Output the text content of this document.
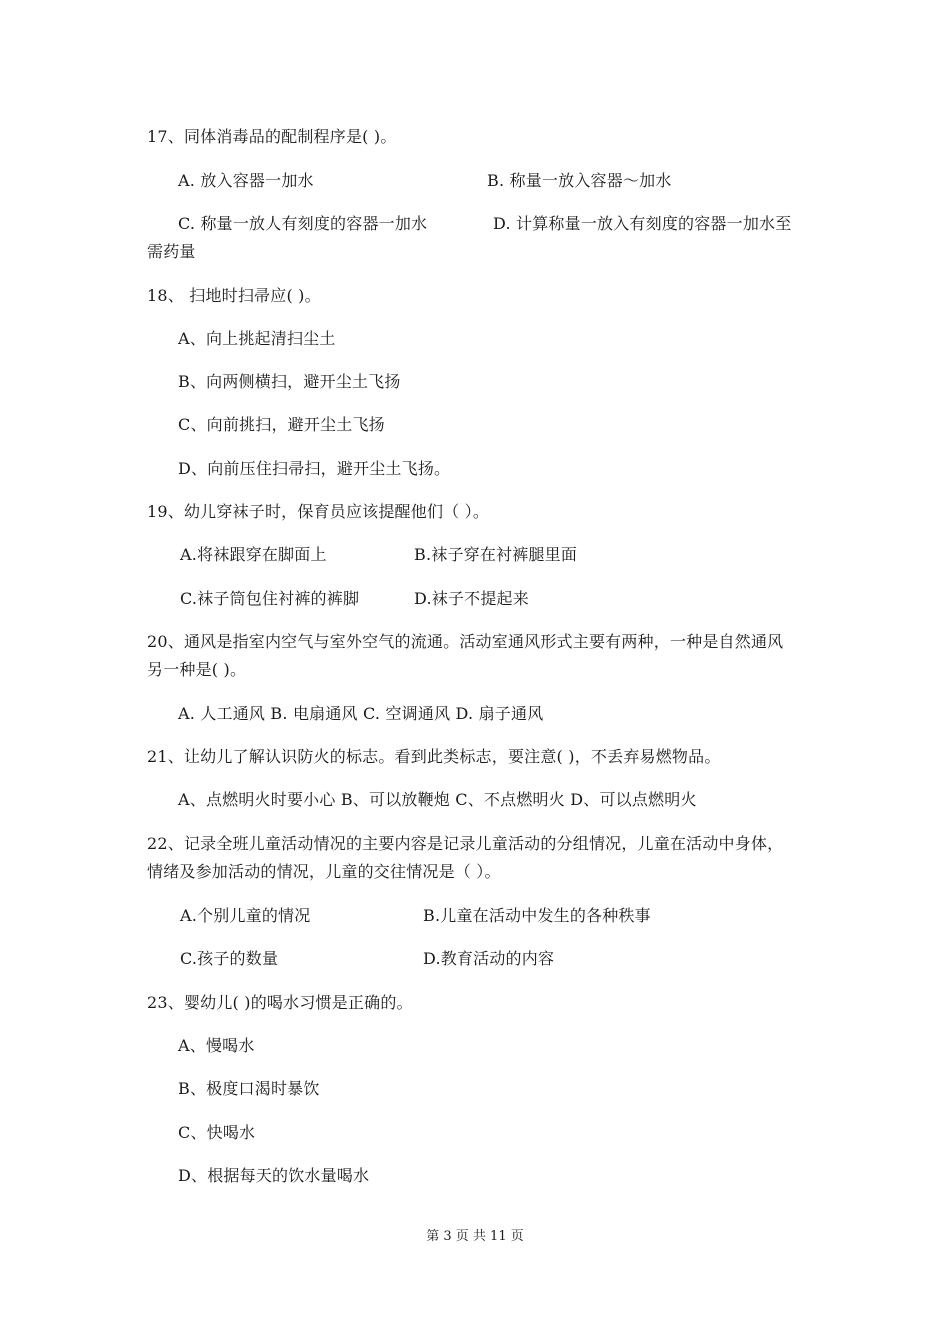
17、同体消毒品的配制程序是( )。
A. 放入容器一加水	B. 称量一放入容器～加水
C. 称量一放人有刻度的容器一加水	D. 计算称量一放入有刻度的容器一加水至
需药量
18、 扫地时扫帚应( )。
A、向上挑起清扫尘土
B、向两侧横扫，避开尘土飞扬
C、向前挑扫，避开尘土飞扬
D、向前压住扫帚扫，避开尘土飞扬。
19、幼儿穿袜子时，保育员应该提醒他们（ ）。
A.将袜跟穿在脚面上	B.袜子穿在衬裤腿里面
C.袜子筒包住衬裤的裤脚	D.袜子不提起来
20、通风是指室内空气与室外空气的流通。活动室通风形式主要有两种，一种是自然通风
另一种是( )。
A. 人工通风 B. 电扇通风 C. 空调通风 D. 扇子通风
21、让幼儿了解认识防火的标志。看到此类标志，要注意( )，不丢弃易燃物品。
A、点燃明火时要小心 B、可以放鞭炮 C、不点燃明火 D、可以点燃明火
22、记录全班儿童活动情况的主要内容是记录儿童活动的分组情况，儿童在活动中身体，
情绪及参加活动的情况，儿童的交往情况是（ ）。
A.个别儿童的情况	B.儿童在活动中发生的各种秩事
C.孩子的数量	D.教育活动的内容
23、婴幼儿( )的喝水习惯是正确的。
A、慢喝水
B、极度口渴时暴饮
C、快喝水
D、根据每天的饮水量喝水
第 3 页 共 11 页
